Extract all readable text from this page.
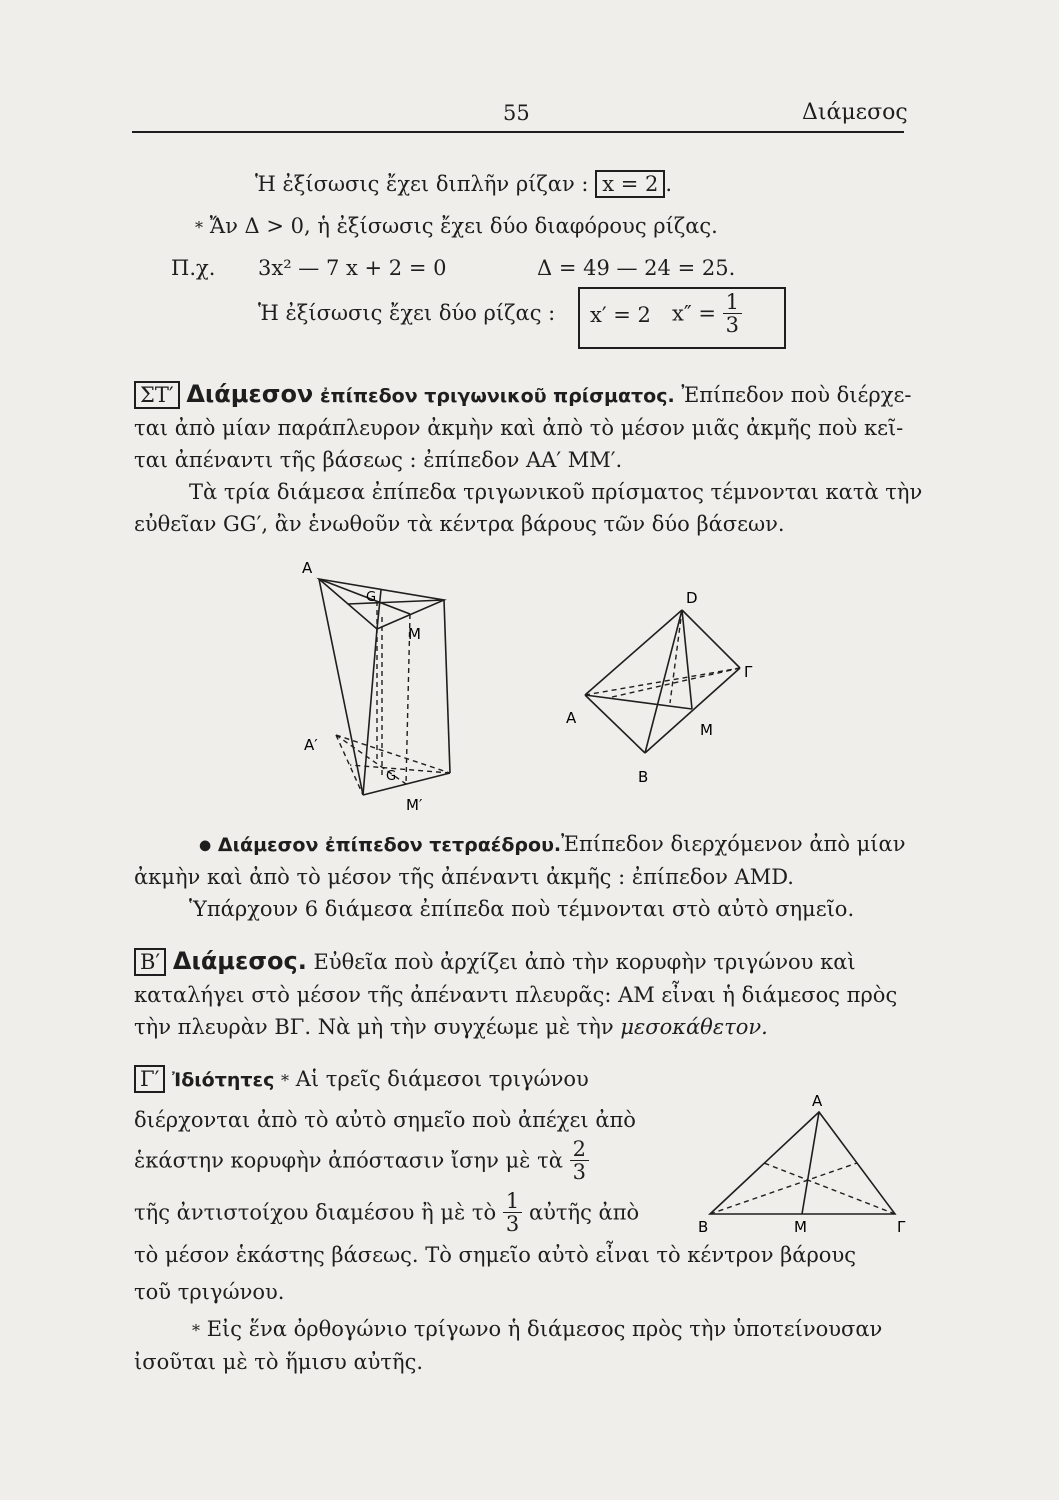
55	Διάμεσος
Ἡ ἐξίσωσις ἔχει διπλῆν ρίζαν : x = 2 .
* Ἄν Δ > 0, ἡ ἐξίσωσις ἔχει δύο διαφόρους ρίζας.
Π.χ. 3x² — 7 x + 2 = 0	Δ = 49 — 24 = 25.
Ἡ ἐξίσωσις ἔχει δύο ρίζας : x′ = 2 $x'' = \frac{1}{3}$
ΣΤ′ Διάμεσον ἐπίπεδον τριγωνικοῦ πρίσματος. Ἐπίπεδον ποὺ διέρχε-
ται ἀπὸ μίαν παράπλευρον ἀκμὴν καὶ ἀπὸ τὸ μέσον μιᾶς ἀκμῆς ποὺ κεῖ-
ται ἀπέναντι τῆς βάσεως : ἐπίπεδον ΑΑ′ ΜΜ′.
Τὰ τρία διάμεσα ἐπίπεδα τριγωνικοῦ πρίσματος τέμνονται κατὰ τὴν
εὐθεῖαν GG′, ἂν ἑνωθοῦν τὰ κέντρα βάρους τῶν δύο βάσεων.
A
G
M
A′
G
M′
D
Γ
A
M
B
● Διάμεσον ἐπίπεδον τετραέδρου.Ἐπίπεδον διερχόμενον ἀπὸ μίαν
ἀκμὴν καὶ ἀπὸ τὸ μέσον τῆς ἀπέναντι ἀκμῆς : ἐπίπεδον ΑΜD.
Ὑπάρχουν 6 διάμεσα ἐπίπεδα ποὺ τέμνονται στὸ αὐτὸ σημεῖο.
Β′ Διάμεσος. Εὐθεῖα ποὺ ἀρχίζει ἀπὸ τὴν κορυφὴν τριγώνου καὶ
καταλήγει στὸ μέσον τῆς ἀπέναντι πλευρᾶς: ΑΜ εἶναι ἡ διάμεσος πρὸς
τὴν πλευρὰν ΒΓ. Νὰ μὴ τὴν συγχέωμε μὲ τὴν μεσοκάθετον.
Γ′ Ἰδιότητες * Αἱ τρεῖς διάμεσοι τριγώνου
διέρχονται ἀπὸ τὸ αὐτὸ σημεῖο ποὺ ἀπέχει ἀπὸ
ἑκάστην κορυφὴν ἀπόστασιν ἴσην μὲ τὰ $\frac{2}{3}$
τῆς ἀντιστοίχου διαμέσου ἢ μὲ τὸ $\frac{1}{3}$ αὐτῆς ἀπὸ
τὸ μέσον ἑκάστης βάσεως. Τὸ σημεῖο αὐτὸ εἶναι τὸ κέντρον βάρους
τοῦ τριγώνου.
* Εἰς ἕνα ὀρθογώνιο τρίγωνο ἡ διάμεσος πρὸς τὴν ὑποτείνουσαν
ἰσοῦται μὲ τὸ ἥμισυ αὐτῆς.
A
B	M	Γ
